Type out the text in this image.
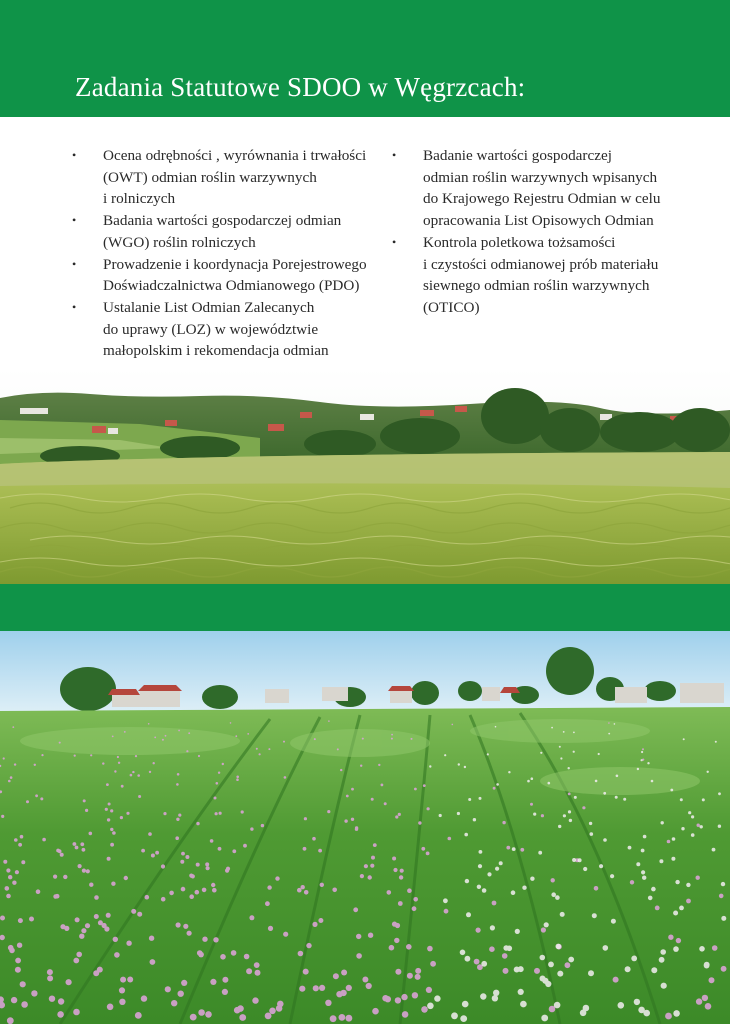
Zadania Statutowe SDOO w Węgrzcach:
• Ocena odrębności , wyrównania i trwałości
(OWT) odmian roślin warzywnych
i rolniczych
• Badania wartości gospodarczej odmian
(WGO) roślin rolniczych
• Prowadzenie i koordynacja Porejestrowego
Doświadczalnictwa Odmianowego (PDO)
• Ustalanie List Odmian Zalecanych
do uprawy (LOZ) w województwie
małopolskim i rekomendacja odmian
• Badanie wartości gospodarczej
odmian roślin warzywnych wpisanych
do Krajowego Rejestru Odmian w celu
opracowania List Opisowych Odmian
• Kontrola poletkowa tożsamości
i czystości odmianowej prób materiału
siewnego odmian roślin warzywnych
(OTICO)
